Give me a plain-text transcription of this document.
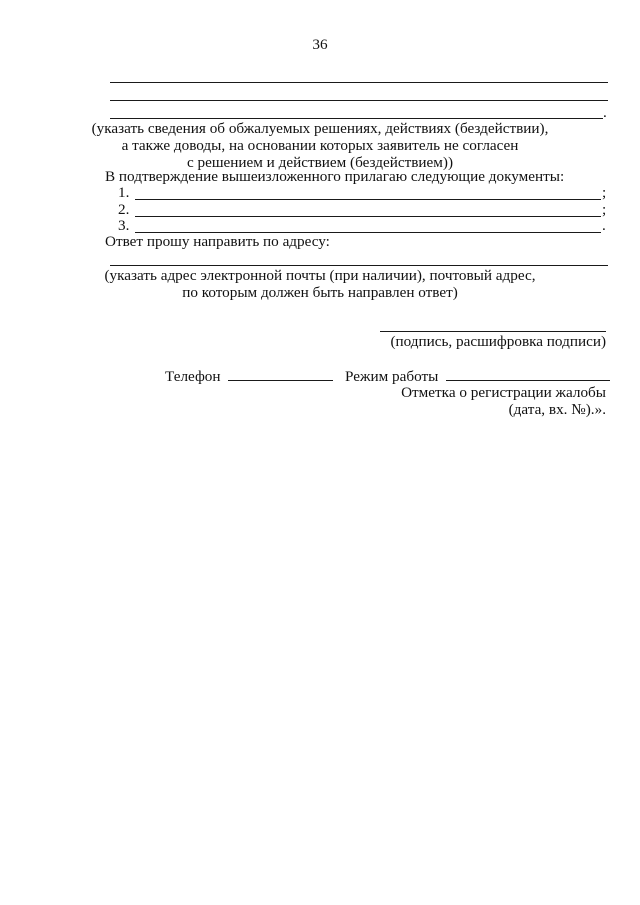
36
.
(указать сведения об обжалуемых решениях, действиях (бездействии),
а также доводы, на основании которых заявитель не согласен
с решением и действием (бездействием))
В подтверждение вышеизложенного прилагаю следующие документы:
1.	;
2.	;
3.	.
Ответ прошу направить по адресу:
(указать адрес электронной почты (при наличии), почтовый адрес,
по которым должен быть направлен ответ)
(подпись, расшифровка подписи)
Телефон	Режим работы
Отметка о регистрации жалобы
(дата, вх. №).».
